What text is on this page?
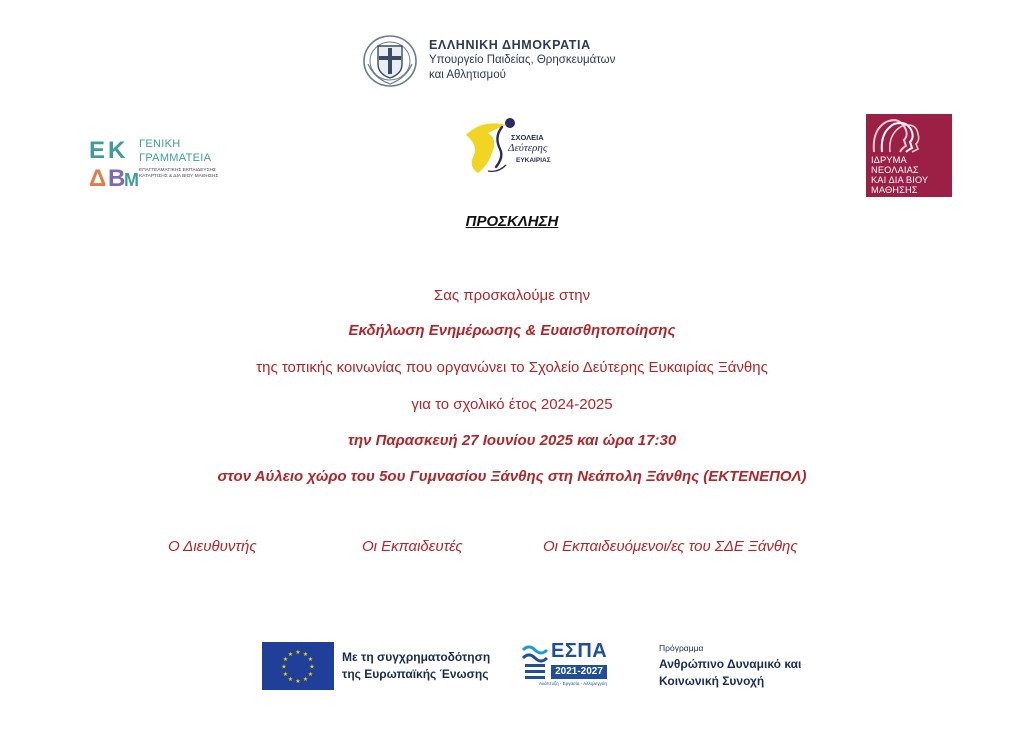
ΕΛΛΗΝΙΚΗ ΔΗΜΟΚΡΑΤΙΑ
Υπουργείο Παιδείας, Θρησκευμάτων
και Αθλητισμού
E K
Δ Β
Μ
ΓΕΝΙΚΗ
ΓΡΑΜΜΑΤΕΙΑ
ΕΠΑΓΓΕΛΜΑΤΙΚΗΣ ΕΚΠΑΙΔΕΥΣΗΣ
ΚΑΤΑΡΤΙΣΗΣ & ΔΙΑ ΒΙΟΥ ΜΑΘΗΣΗΣ
ΣΧΟΛΕΙΑ
Δεύτερης
ΕΥΚΑΙΡΙΑΣ	ΙΔΡΥΜΑ
ΝΕΟΛΑΙΑΣ
ΚΑΙ ΔΙΑ ΒΙΟΥ
ΜΑΘΗΣΗΣ
ΠΡΟΣΚΛΗΣΗ
Σας προσκαλούμε στην
Εκδήλωση Ενημέρωσης & Ευαισθητοποίησης
της τοπικής κοινωνίας που οργανώνει το Σχολείο Δεύτερης Ευκαιρίας Ξάνθης
για το σχολικό έτος 2024-2025
την Παρασκευή 27 Ιουνίου 2025 και ώρα 17:30
στον Αύλειο χώρο του 5ου Γυμνασίου Ξάνθης στη Νεάπολη Ξάνθης (ΕΚΤΕΝΕΠΟΛ)
Ο Διευθυντής	Οι Εκπαιδευτές	Οι Εκπαιδευόμενοι/ες του ΣΔΕ Ξάνθης
★ ★
★
★
★
★
★
★
★
★
★
★	Με τη συγχρηματοδότηση
της Ευρωπαϊκής Ένωσης
ΕΣΠΑ
2021-2027
Ανάπτυξη - Εργασία - Αλληλεγγύη
Πρόγραμμα
Ανθρώπινο Δυναμικό και
Κοινωνική Συνοχή
